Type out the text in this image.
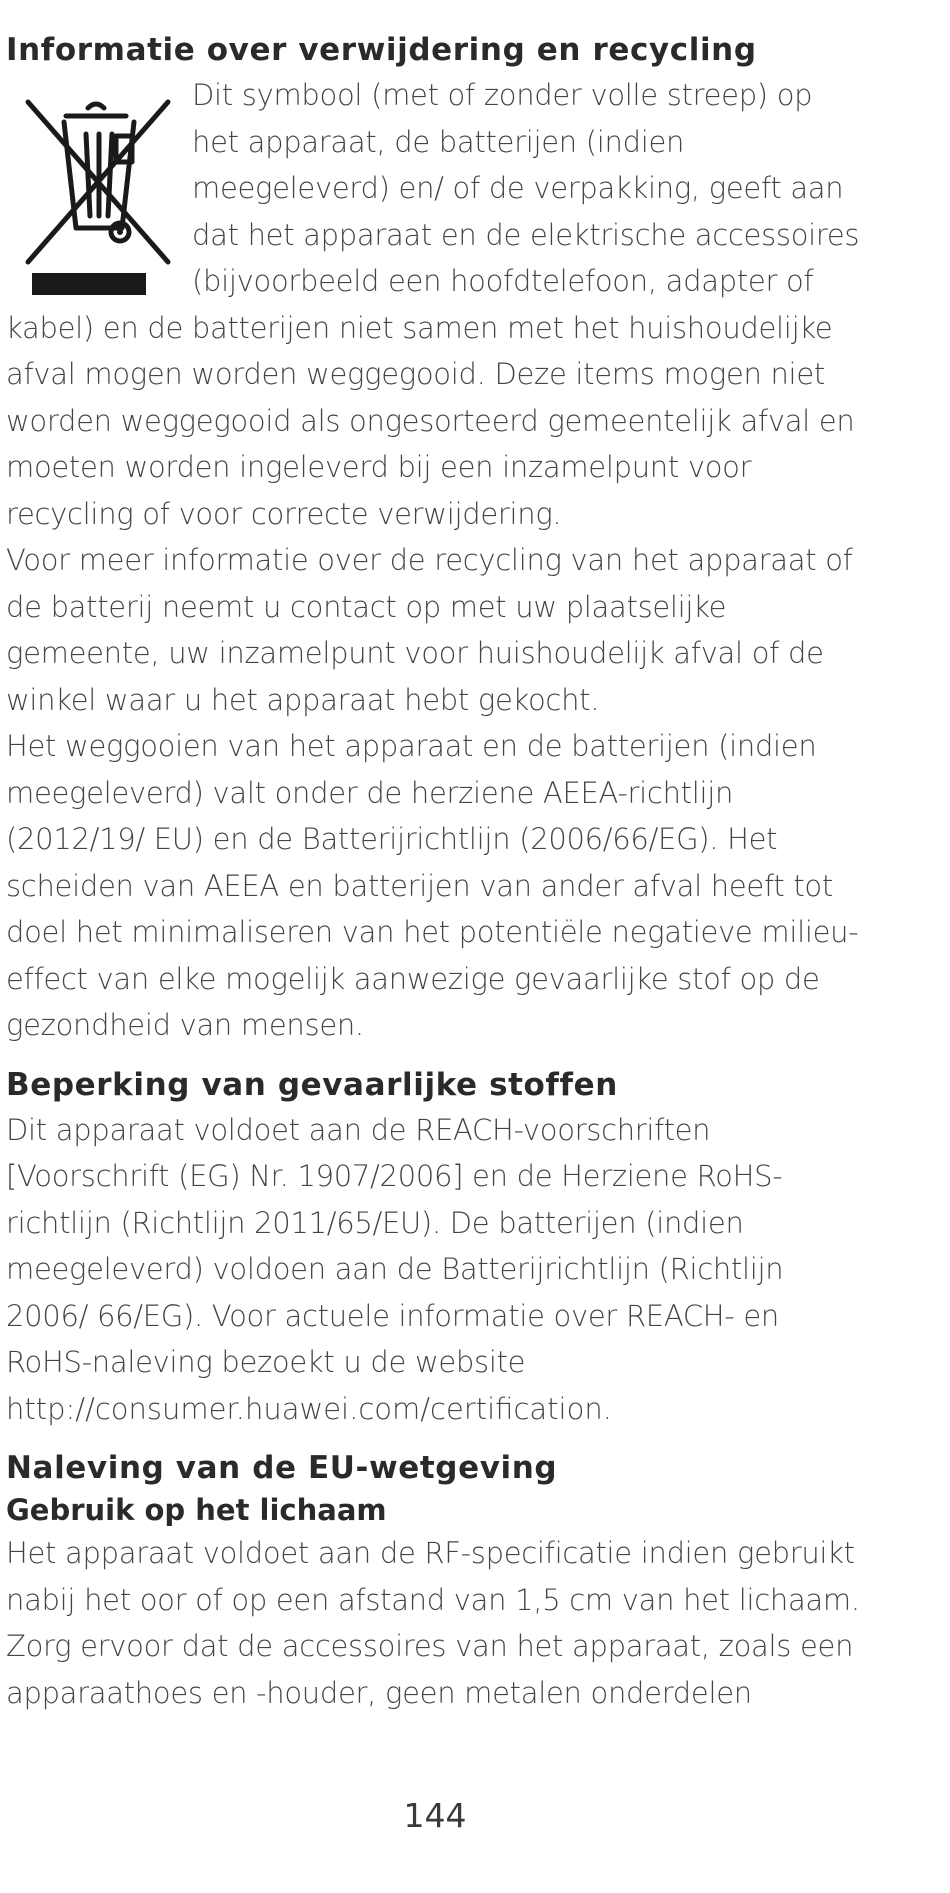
Informatie over verwijdering en recycling

Dit symbool (met of zonder volle streep) op het apparaat, de batterijen (indien meegeleverd) en/ of de verpakking, geeft aan dat het apparaat en de elektrische accessoires (bijvoorbeeld een hoofdtelefoon, adapter of kabel) en de batterijen niet samen met het huishoudelijke afval mogen worden weggegooid. Deze items mogen niet worden weggegooid als ongesorteerd gemeentelijk afval en moeten worden ingeleverd bij een inzamelpunt voor recycling of voor correcte verwijdering.

Voor meer informatie over de recycling van het apparaat of de batterij neemt u contact op met uw plaatselijke gemeente, uw inzamelpunt voor huishoudelijk afval of de winkel waar u het apparaat hebt gekocht.

Het weggooien van het apparaat en de batterijen (indien meegeleverd) valt onder de herziene AEEA-richtlijn (2012/19/ EU) en de Batterijrichtlijn (2006/66/EG). Het scheiden van AEEA en batterijen van ander afval heeft tot doel het minimaliseren van het potentiële negatieve milieu-effect van elke mogelijk aanwezige gevaarlijke stof op de gezondheid van mensen.

Beperking van gevaarlijke stoffen

Dit apparaat voldoet aan de REACH-voorschriften [Voorschrift (EG) Nr. 1907/2006] en de Herziene RoHS-richtlijn (Richtlijn 2011/65/EU). De batterijen (indien meegeleverd) voldoen aan de Batterijrichtlijn (Richtlijn 2006/ 66/EG). Voor actuele informatie over REACH- en RoHS-naleving bezoekt u de website

http://consumer.huawei.com/certification.

Naleving van de EU-wetgeving
Gebruik op het lichaam

Het apparaat voldoet aan de RF-specificatie indien gebruikt nabij het oor of op een afstand van 1,5 cm van het lichaam. Zorg ervoor dat de accessoires van het apparaat, zoals een apparaathoes en -houder, geen metalen onderdelen

144
